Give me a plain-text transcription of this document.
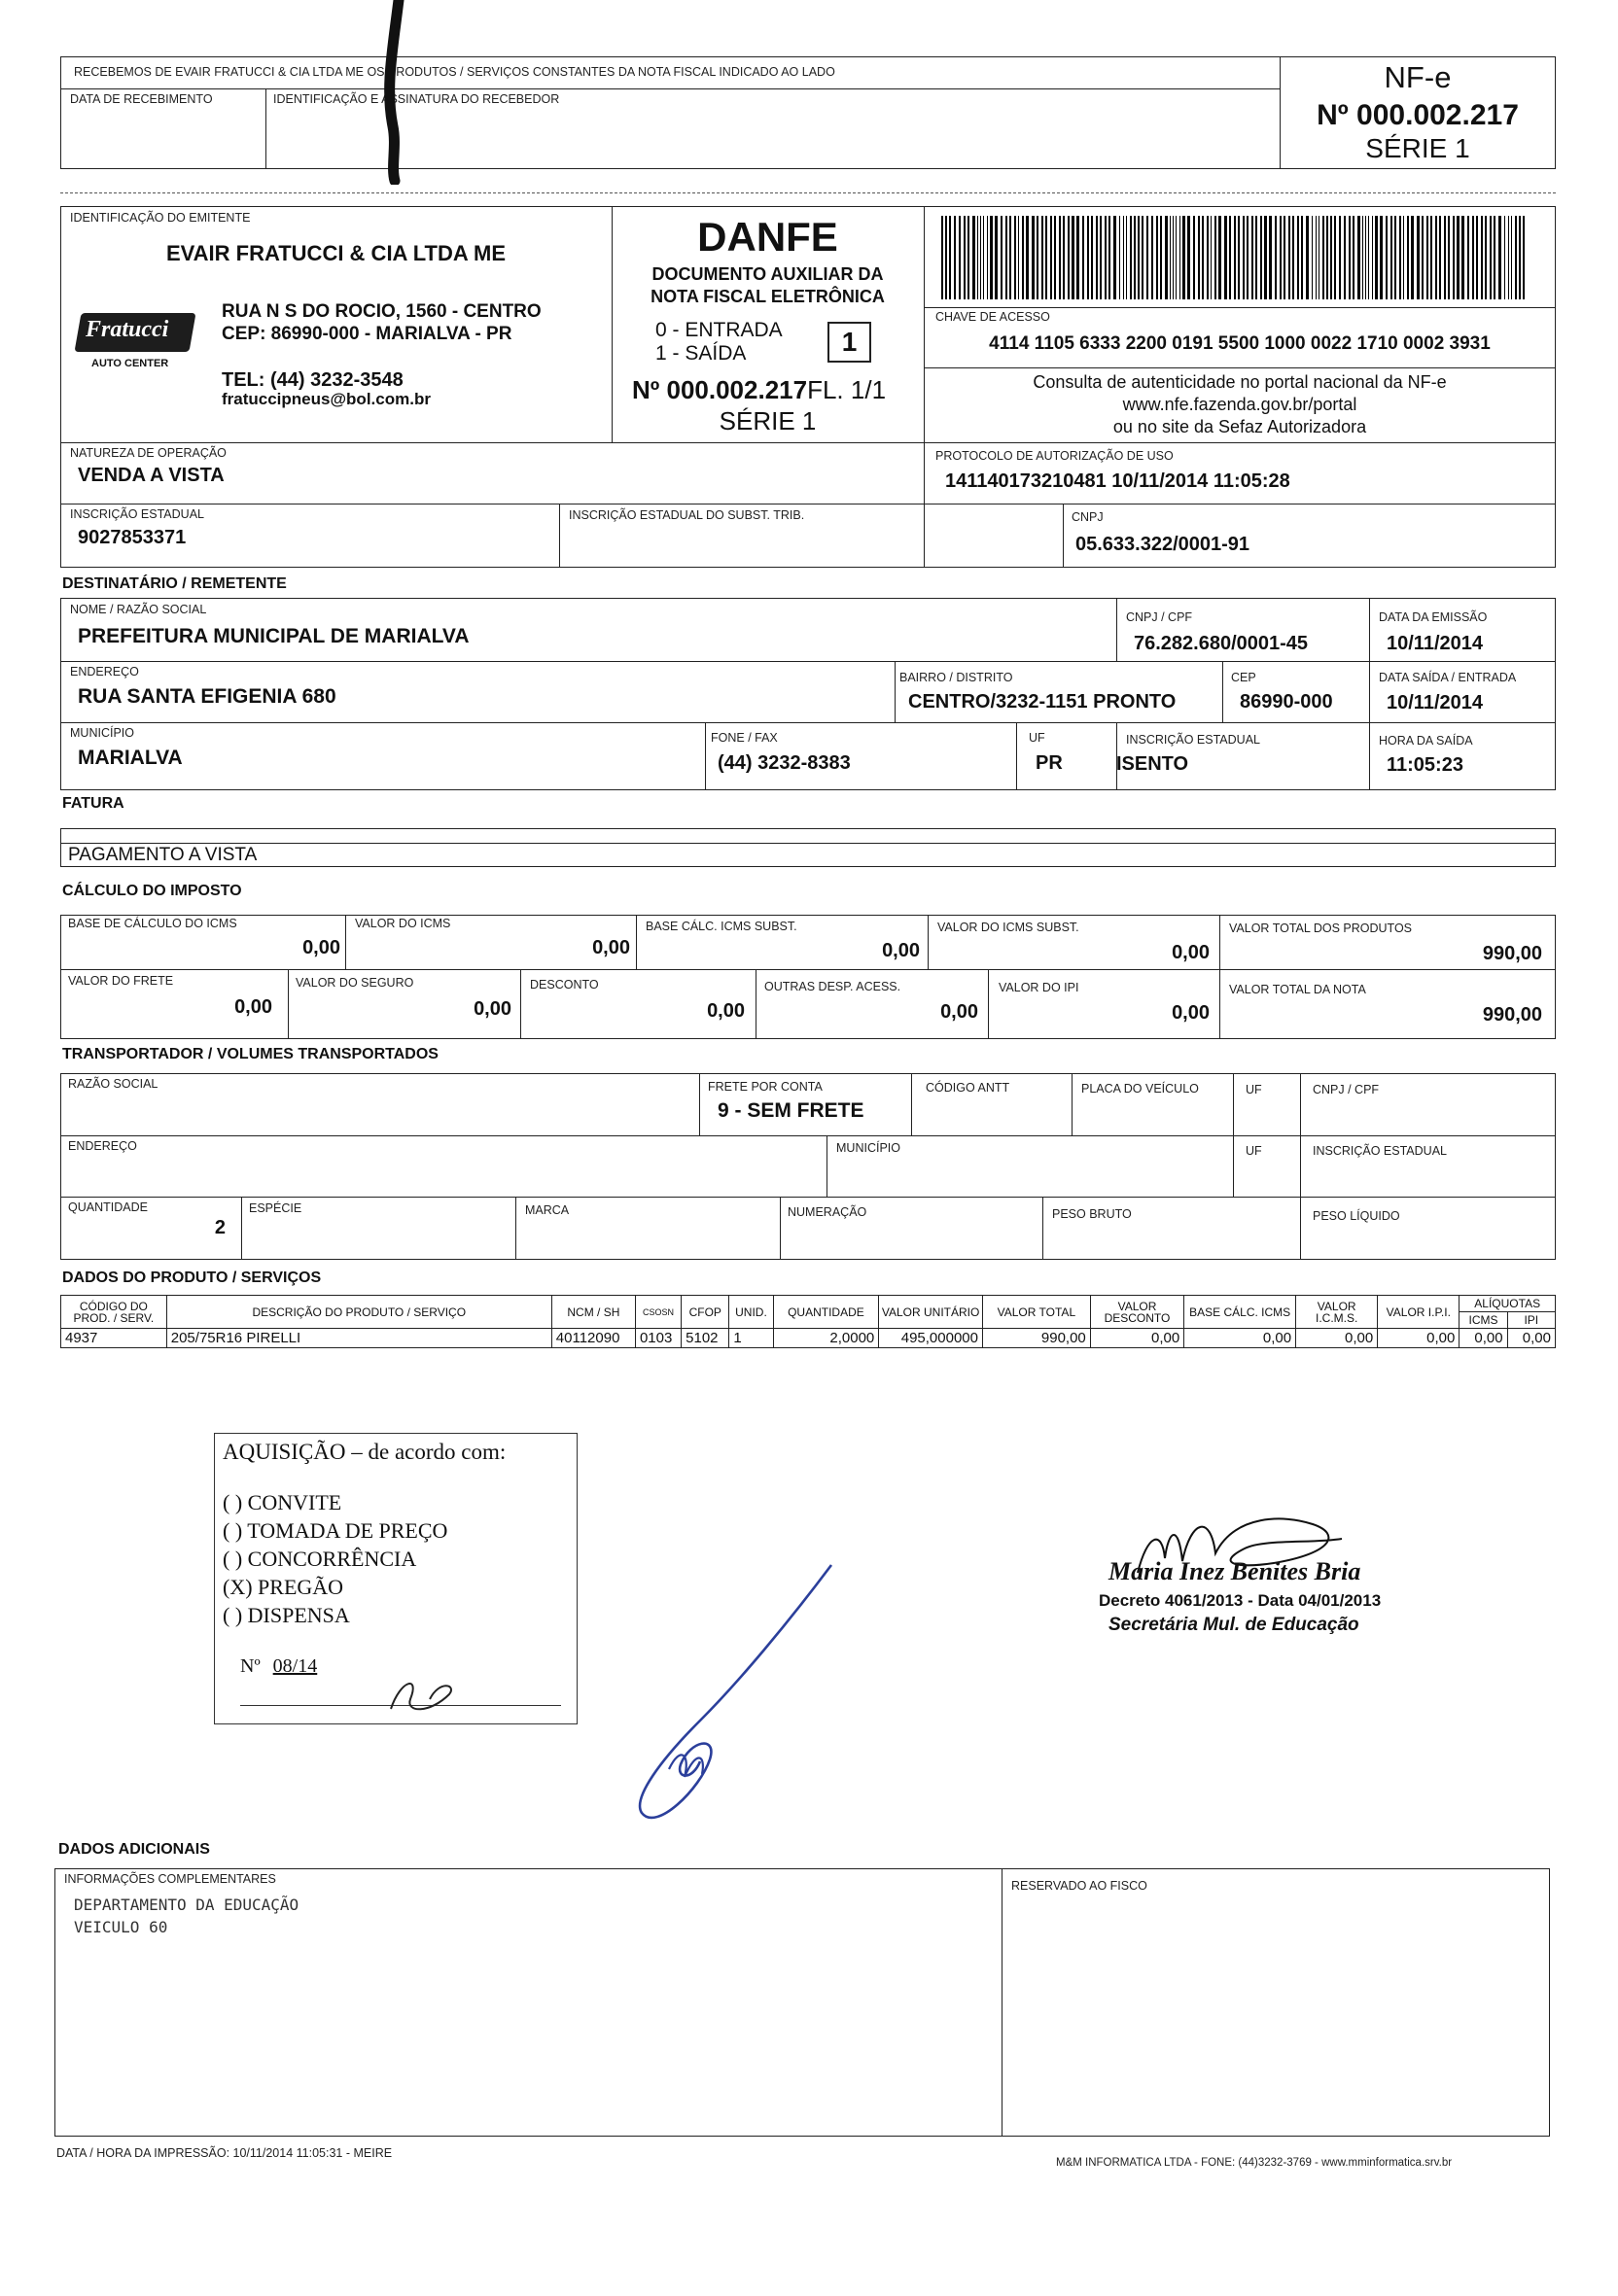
RECEBEMOS DE EVAIR FRATUCCI & CIA LTDA ME OS PRODUTOS / SERVIÇOS CONSTANTES DA NOTA FISCAL INDICADO AO LADO
DATA DE RECEBIMENTO	IDENTIFICAÇÃO E ASSINATURA DO RECEBEDOR
NF-e
Nº 000.002.217
SÉRIE 1
IDENTIFICAÇÃO DO EMITENTE
EVAIR FRATUCCI & CIA LTDA ME
Fratucci
AUTO CENTER
RUA N S DO ROCIO, 1560 - CENTRO
CEP: 86990-000 - MARIALVA - PR
TEL: (44) 3232-3548
fratuccipneus@bol.com.br
DANFE
DOCUMENTO AUXILIAR DA
NOTA FISCAL ELETRÔNICA
0 - ENTRADA
1 - SAÍDA	1
Nº 000.002.217FL. 1/1
SÉRIE 1
CHAVE DE ACESSO
4114 1105 6333 2200 0191 5500 1000 0022 1710 0002 3931
Consulta de autenticidade no portal nacional da NF-e
www.nfe.fazenda.gov.br/portal
ou no site da Sefaz Autorizadora
NATUREZA DE OPERAÇÃO
VENDA A VISTA
PROTOCOLO DE AUTORIZAÇÃO DE USO
141140173210481 10/11/2014 11:05:28
INSCRIÇÃO ESTADUAL
9027853371
INSCRIÇÃO ESTADUAL DO SUBST. TRIB.	CNPJ
05.633.322/0001-91
DESTINATÁRIO / REMETENTE
NOME / RAZÃO SOCIAL
PREFEITURA MUNICIPAL DE MARIALVA
CNPJ / CPF
76.282.680/0001-45
DATA DA EMISSÃO
10/11/2014
ENDEREÇO
RUA SANTA EFIGENIA 680
BAIRRO / DISTRITO
CENTRO/3232-1151 PRONTO
CEP
86990-000
DATA SAÍDA / ENTRADA
10/11/2014
MUNICÍPIO
MARIALVA
FONE / FAX
(44) 3232-8383
UF
PR
INSCRIÇÃO ESTADUAL
ISENTO
HORA DA SAÍDA
11:05:23
FATURA
PAGAMENTO A VISTA
CÁLCULO DO IMPOSTO
BASE DE CÁLCULO DO ICMS
0,00
VALOR DO ICMS
0,00
BASE CÁLC. ICMS SUBST.
0,00
VALOR DO ICMS SUBST.
0,00
VALOR TOTAL DOS PRODUTOS
990,00
VALOR DO FRETE
0,00
VALOR DO SEGURO
0,00
DESCONTO
0,00
OUTRAS DESP. ACESS.
0,00
VALOR DO IPI
0,00
VALOR TOTAL DA NOTA
990,00
TRANSPORTADOR / VOLUMES TRANSPORTADOS
RAZÃO SOCIAL	FRETE POR CONTA
9 - SEM FRETE
CÓDIGO ANTT	PLACA DO VEÍCULO	UF	CNPJ / CPF
ENDEREÇO	MUNICÍPIO	UF	INSCRIÇÃO ESTADUAL
QUANTIDADE
2
ESPÉCIE	MARCA	NUMERAÇÃO	PESO BRUTO	PESO LÍQUIDO
DADOS DO PRODUTO / SERVIÇOS
CÓDIGO DO PROD. / SERV.	DESCRIÇÃO DO PRODUTO / SERVIÇO	NCM / SH	CSOSN	CFOP	UNID.	QUANTIDADE	VALOR UNITÁRIO	VALOR TOTAL	VALOR DESCONTO	BASE CÁLC. ICMS	VALOR I.C.M.S.	VALOR I.P.I.	ALÍQUOTAS	
													ICMS	IPI
4937	205/75R16 PIRELLI	40112090	0103	5102	1	2,0000	495,000000	990,00	0,00	0,00	0,00	0,00	0,00	0,00
AQUISIÇÃO – de acordo com:
( ) CONVITE
( ) TOMADA DE PREÇO
( ) CONCORRÊNCIA
(X) PREGÃO
( ) DISPENSA
Nº 08/14
Maria Inez Benites Bria
Decreto 4061/2013 - Data 04/01/2013
Secretária Mul. de Educação
DADOS ADICIONAIS
INFORMAÇÕES COMPLEMENTARES
DEPARTAMENTO DA EDUCAÇÃO
VEICULO 60
RESERVADO AO FISCO
DATA / HORA DA IMPRESSÃO: 10/11/2014 11:05:31 - MEIRE
M&M INFORMATICA LTDA - FONE: (44)3232-3769 - www.mminformatica.srv.br
